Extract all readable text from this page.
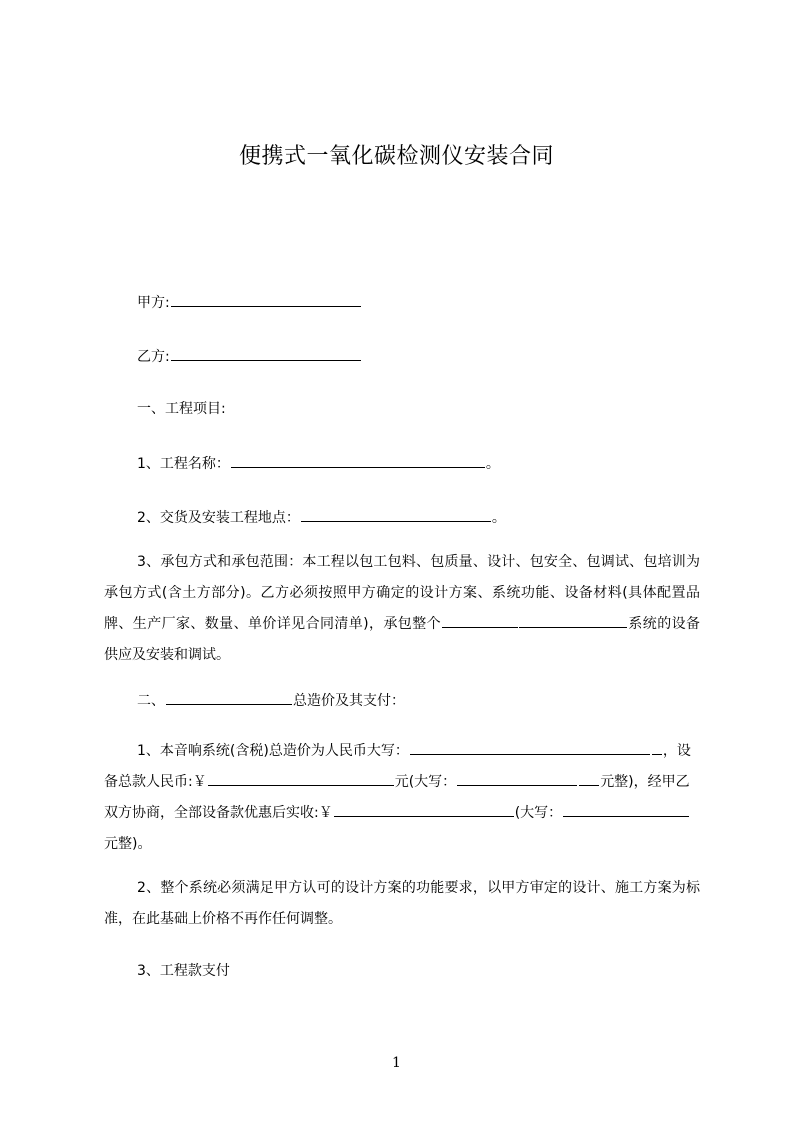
便携式一氧化碳检测仪安装合同
甲方:
乙方:
一、工程项目:
1、工程名称：	。
2、交货及安装工程地点：	。
3、承包方式和承包范围：本工程以包工包料、包质量、设计、包安全、包调试、包培训为承包方式(含土方部分)。乙方必须按照甲方确定的设计方案、系统功能、设备材料(具体配置品牌、生产厂家、数量、单价详见合同清单)，承包整个	系统的设备供应及安装和调试。
二、	总造价及其支付：
1、本音响系统(含税)总造价为人民币大写：	，设备总款人民币:￥	元(大写：	元整)，经甲乙双方协商，全部设备款优惠后实收:￥	(大写：元整)。
2、整个系统必须满足甲方认可的设计方案的功能要求，以甲方审定的设计、施工方案为标准，在此基础上价格不再作任何调整。
3、工程款支付
1
